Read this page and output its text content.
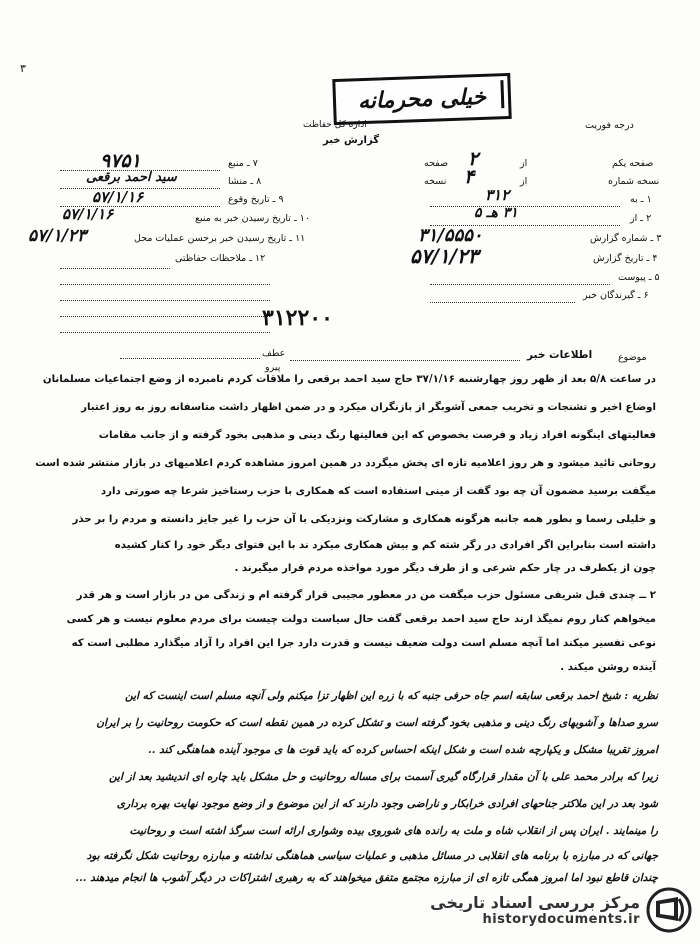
٣
خیلی محرمانه
درجه فوریت
اداره کل حفاظت
گزارش خبر
۷ ـ منبع
۹۷۵۱
۸ ـ منشا
سید احمد برقعی
۹ ـ تاریخ وقوع
۵۷/۱/۱۶
۱۰ ـ تاریخ رسیدن خبر به منبع
۵۷/۱/۱۶
۱۱ ـ تاریخ رسیدن خبر برحسن عملیات محل
۵۷/۱/۲۳
۱۲ ـ ملاحظات حفاظتی
صفحه یکم
از
۲
صفحه
نسخه شماره
از
۴
نسخه
۱ ـ به
۳۱۲
۲ ـ از
۳۱ هـ ۵
۳ ـ شماره گزارش
۳۱/۵۵۵۰
۴ ـ تاریخ گزارش
۵۷/۱/۲۳
۵ ـ پیوست
۶ ـ گیرندگان خبر
۳۱۲۲۰۰
عطف
پیرو
موضوع
اطلاعات خبر
در ساعت ۵/۸ بعد از ظهر روز چهارشنبه ۳۷/۱/۱۶ حاج سید احمد برقعی را ملاقات کردم نامبرده از وضع اجتماعیات مسلمانان
اوضاع اخیر و تشنجات و تخریب جمعی آشوبگر از بازنگران میکرد و در ضمن اظهار داشت متاسفانه روز به روز اعتبار
فعالیتهای اینگونه افراد زیاد و فرصت بخصوص که این فعالیتها رنگ دینی و مذهبی بخود گرفته و از جانب مقامات
روحانی تائید میشود و هر روز اعلامیه تازه ای پخش میگردد در همین امروز مشاهده کردم اعلامیهای در بازار منتشر شده است
میگفت برسید مضمون آن چه بود گفت از مینی استفاده است که همکاری با حزب رستاخیز شرعا چه صورتی دارد
و خلیلی رسما و بطور همه جانبه هرگونه همکاری و مشارکت ونزدیکی با آن حزب را غیر جایز دانسته و مردم را بر حذر
داشته است بنابراین اگر افرادی در رگر شته کم و بیش همکاری میکرد ند با این فتوای دیگر خود را کنار کشیده
چون از یکطرف در چار حکم شرعی و از طرف دیگر مورد مواخذه مردم قرار میگیرند .
۲ ــ چندی قبل شریفی مسئول حزب میگفت من در معطور مجیبی قرار گرفته ام و زندگی من در بازار است و هر قدر
میخواهم کنار روم نمیگذ ارند حاج سید احمد برقعی گفت حال سیاست دولت چیست برای مردم معلوم نیست و هر کسی
نوعی تفسیر میکند اما آنچه مسلم است دولت ضعیف نیست و قدرت دارد جرا این افراد را آزاد میگذارد مطلبی است که
آینده روشن میکند .
نظریه : شیخ احمد برقعی سابقه اسم جاه حرفی جنبه که با زره این اظهار تزا میکنم ولی آنچه مسلم است اینست که این
سرو صداها و آشوبهای رنگ دینی و مذهبی بخود گرفته است و تشکل کرده در همین نقطه است که حکومت روحانیت را بر ایران
امروز تقریبا مشکل و یکپارچه شده است و شکل اینکه احساس کرده که باید قوت ها ی موجود آینده هماهنگی کند ..
زیرا که برادر محمد علی با آن مقدار قرارگاه گیری آسمت برای مساله روحانیت و حل مشکل باید چاره ای اندیشید بعد از این
شود بعد در این ملاکتر جناحهای افرادی خرابکار و ناراضی وجود دارند که از این موضوع و از وضع موجود نهایت بهره برداری
را مینمایند . ایران پس از انقلاب شاه و ملت به رانده های شوروی بیده وشواری ارائه است سرگذ اشته است و روحانیت
جهانی که در مبارزه با برنامه های انقلابی در مسائل مذهبی و عملیات سیاسی هماهنگی نداشته و مبارزه روحانیت شکل نگرفته بود
چندان قاطع نبود اما امروز همگی تازه ای از مبارزه مجتمع متفق میخواهند که به رهبری اشتراکات در دیگر آشوب ها انجام میدهند ...
مرکز بررسی اسناد تاریخی
historydocuments.ir
